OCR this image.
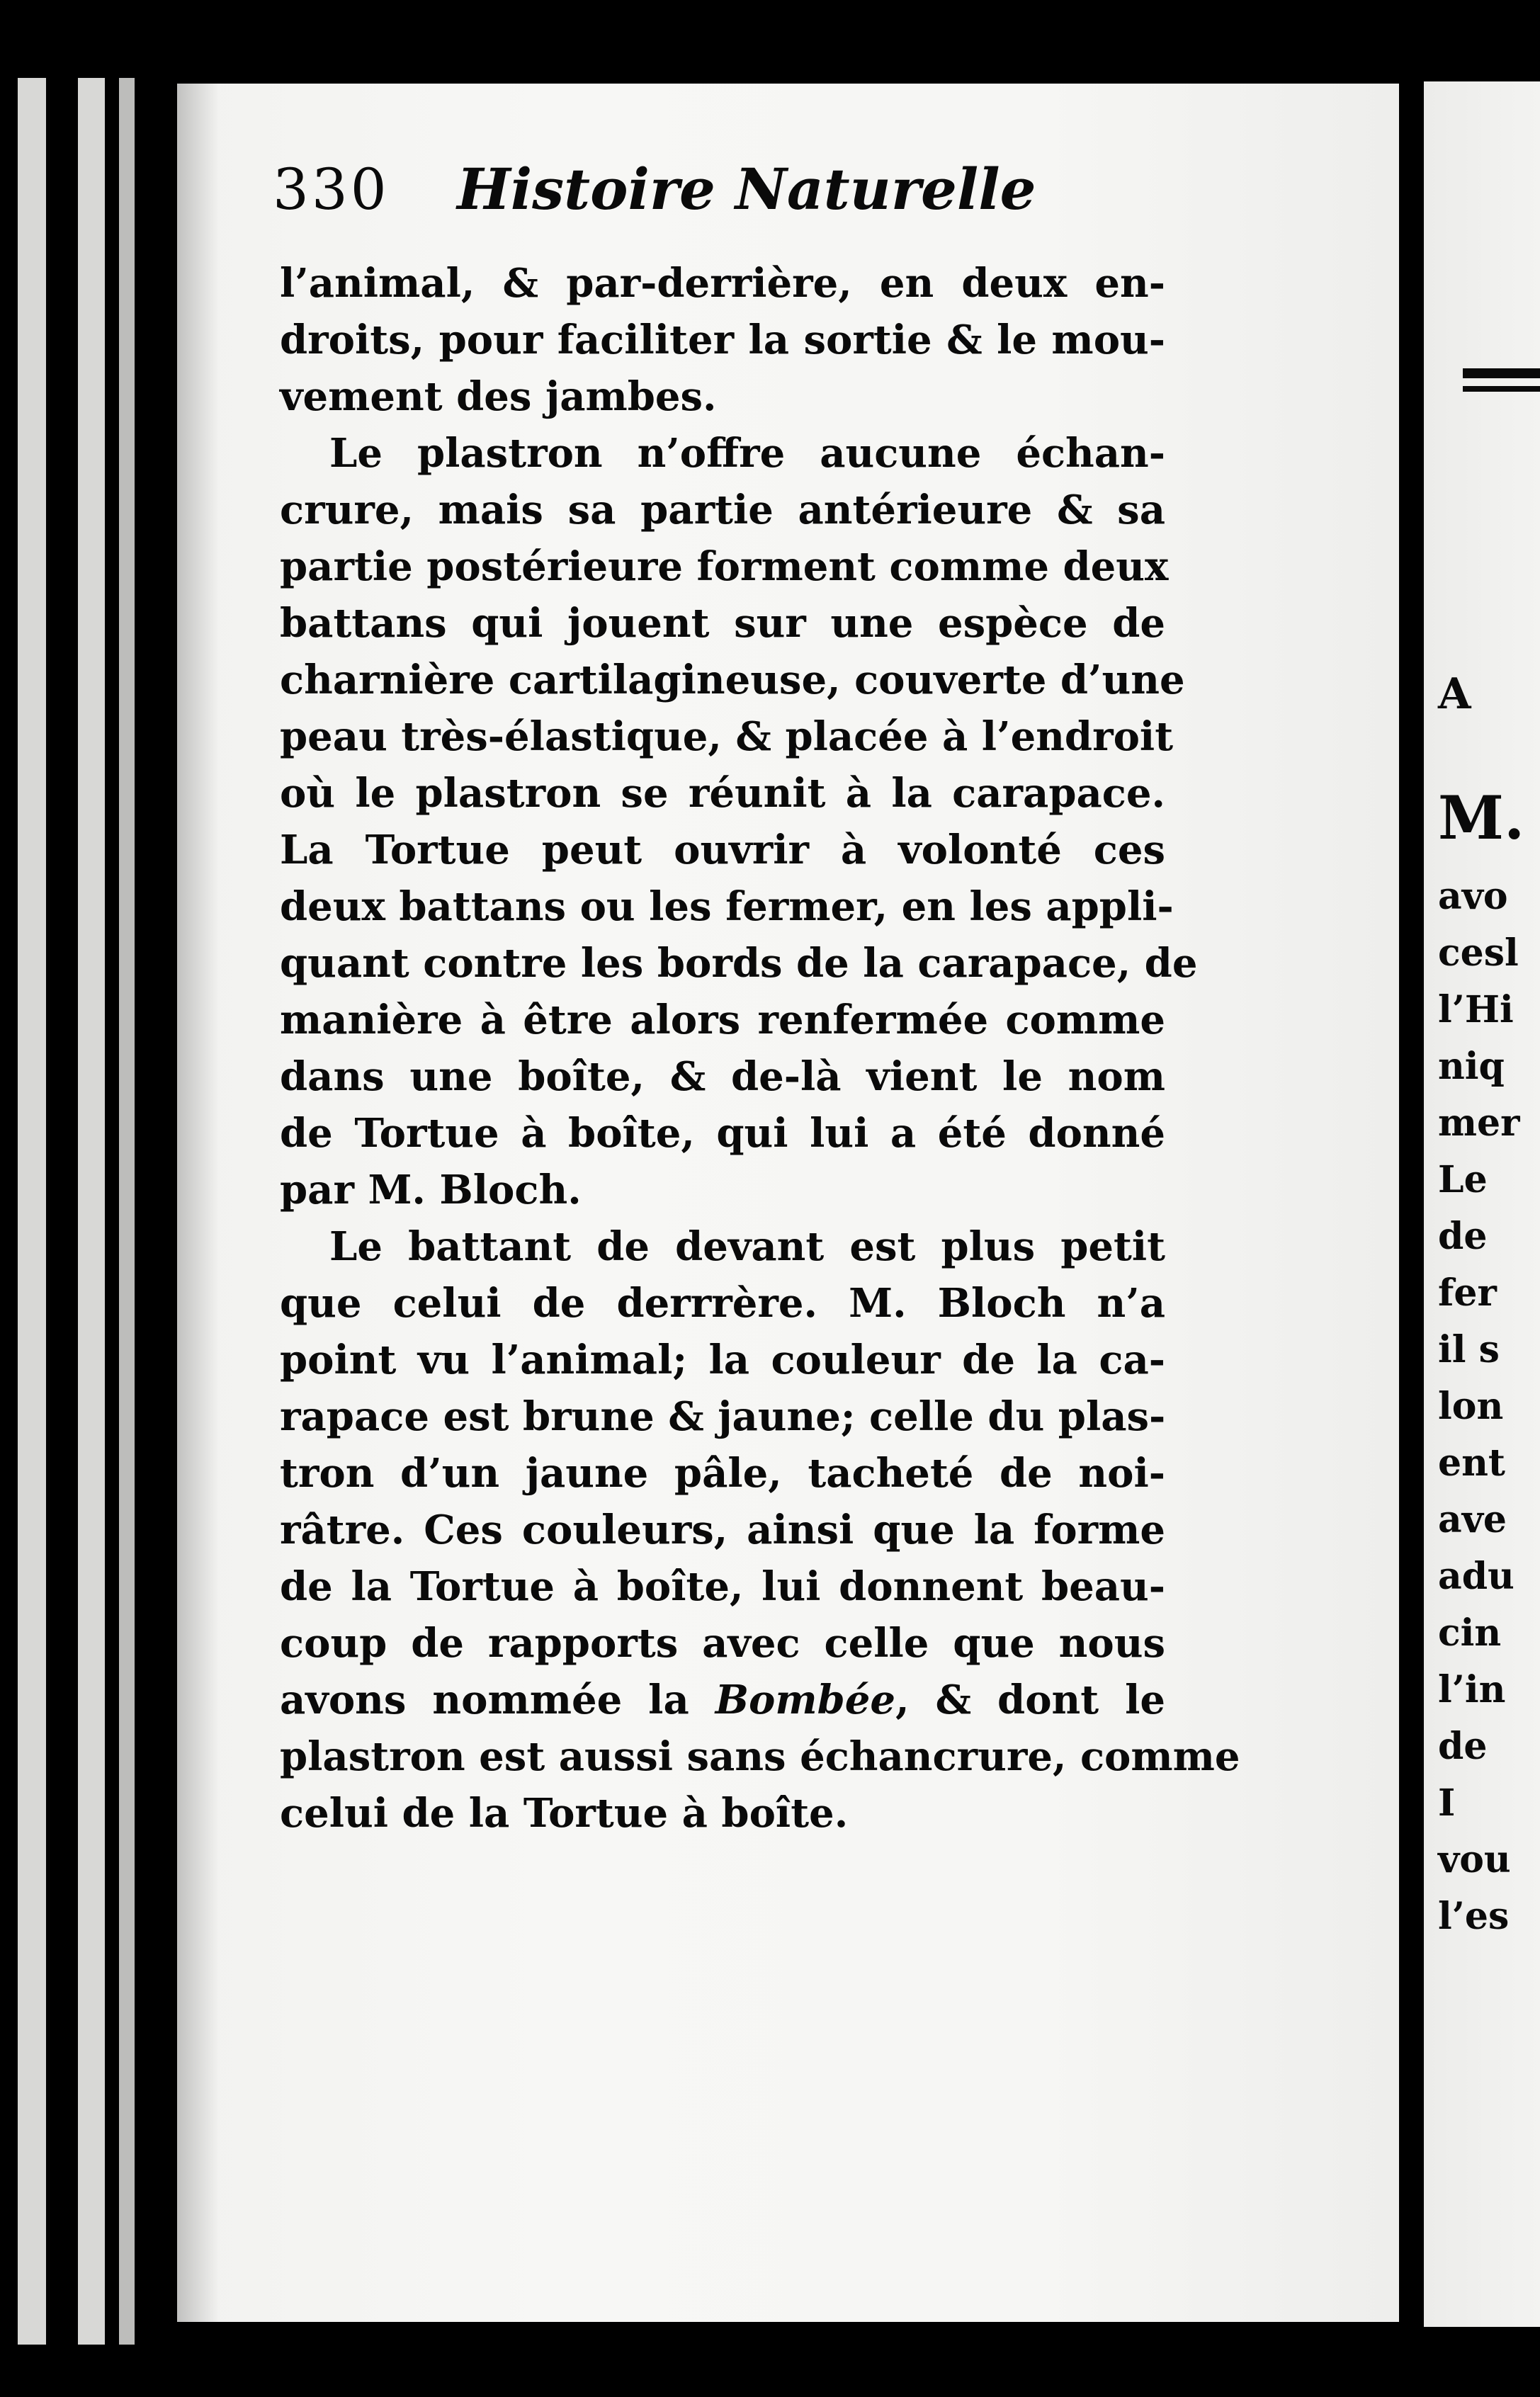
330 Histoire Naturelle
l’animal, & par-derrière, en deux en-
droits, pour faciliter la sortie & le mou-
vement des jambes.
Le plastron n’offre aucune échan-
crure, mais sa partie antérieure & sa
partie postérieure forment comme deux
battans qui jouent sur une espèce de
charnière cartilagineuse, couverte d’une
peau très-élastique, & placée à l’endroit
où le plastron se réunit à la carapace.
La Tortue peut ouvrir à volonté ces
deux battans ou les fermer, en les appli-
quant contre les bords de la carapace, de
manière à être alors renfermée comme
dans une boîte, & de-là vient le nom
de Tortue à boîte, qui lui a été donné
par M. Bloch.
Le battant de devant est plus petit
que celui de derrrère. M. Bloch n’a
point vu l’animal; la couleur de la ca-
rapace est brune & jaune; celle du plas-
tron d’un jaune pâle, tacheté de noi-
râtre. Ces couleurs, ainsi que la forme
de la Tortue à boîte, lui donnent beau-
coup de rapports avec celle que nous
avons nommée la Bombée, & dont le
plastron est aussi sans échancrure, comme
celui de la Tortue à boîte.
A
M.
avo
cesl
l’Hi
niq
mer
Le
de
fer
il s
lon
ent
ave
adu
cin
l’in
de
I
vou
l’es
